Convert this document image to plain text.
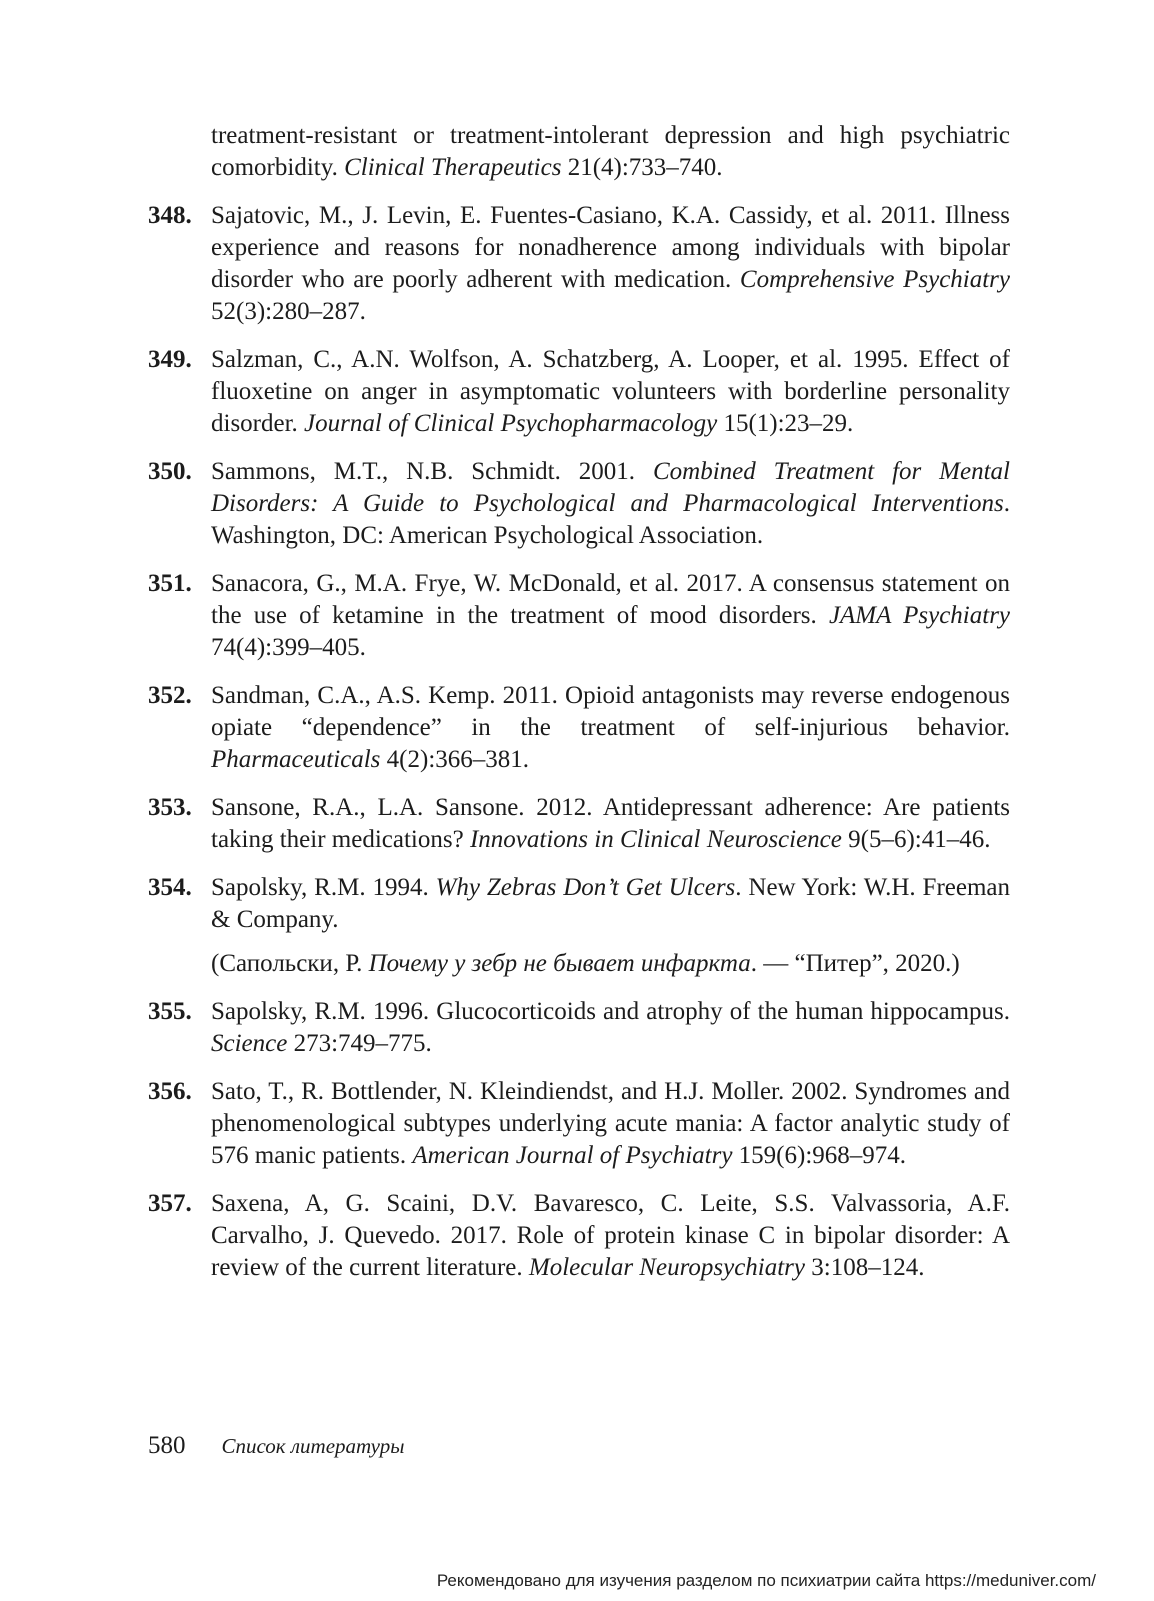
treatment-resistant or treatment-intolerant depression and high psychiatric comorbidity. Clinical Therapeutics 21(4):733–740.

348. Sajatovic, M., J. Levin, E. Fuentes-Casiano, K.A. Cassidy, et al. 2011. Illness experience and reasons for nonadherence among individuals with bipolar disorder who are poorly adherent with medication. Comprehensive Psychiatry 52(3):280–287.

349. Salzman, C., A.N. Wolfson, A. Schatzberg, A. Looper, et al. 1995. Effect of fluoxetine on anger in asymptomatic volunteers with borderline personality disorder. Journal of Clinical Psychopharmacology 15(1):23–29.

350. Sammons, M.T., N.B. Schmidt. 2001. Combined Treatment for Mental Disorders: A Guide to Psychological and Pharmacological Interventions. Washington, DC: American Psychological Association.

351. Sanacora, G., M.A. Frye, W. McDonald, et al. 2017. A consensus statement on the use of ketamine in the treatment of mood disorders. JAMA Psychiatry 74(4):399–405.

352. Sandman, C.A., A.S. Kemp. 2011. Opioid antagonists may reverse endogenous opiate “dependence” in the treatment of self-injurious behavior. Pharmaceuticals 4(2):366–381.

353. Sansone, R.A., L.A. Sansone. 2012. Antidepressant adherence: Are patients taking their medications? Innovations in Clinical Neuroscience 9(5–6):41–46.

354. Sapolsky, R.M. 1994. Why Zebras Don’t Get Ulcers. New York: W.H. Freeman & Company.

(Сапольски, Р. Почему у зебр не бывает инфаркта. — “Питер”, 2020.)

355. Sapolsky, R.M. 1996. Glucocorticoids and atrophy of the human hippocampus. Science 273:749–775.

356. Sato, T., R. Bottlender, N. Kleindiendst, and H.J. Moller. 2002. Syndromes and phenomenological subtypes underlying acute mania: A factor analytic study of 576 manic patients. American Journal of Psychiatry 159(6):968–974.

357. Saxena, A, G. Scaini, D.V. Bavaresco, C. Leite, S.S. Valvassoria, A.F. Carvalho, J. Quevedo. 2017. Role of protein kinase C in bipolar disorder: A review of the current literature. Molecular Neuropsychiatry 3:108–124.

580 Список литературы
Рекомендовано для изучения разделом по психиатрии сайта https://meduniver.com/
